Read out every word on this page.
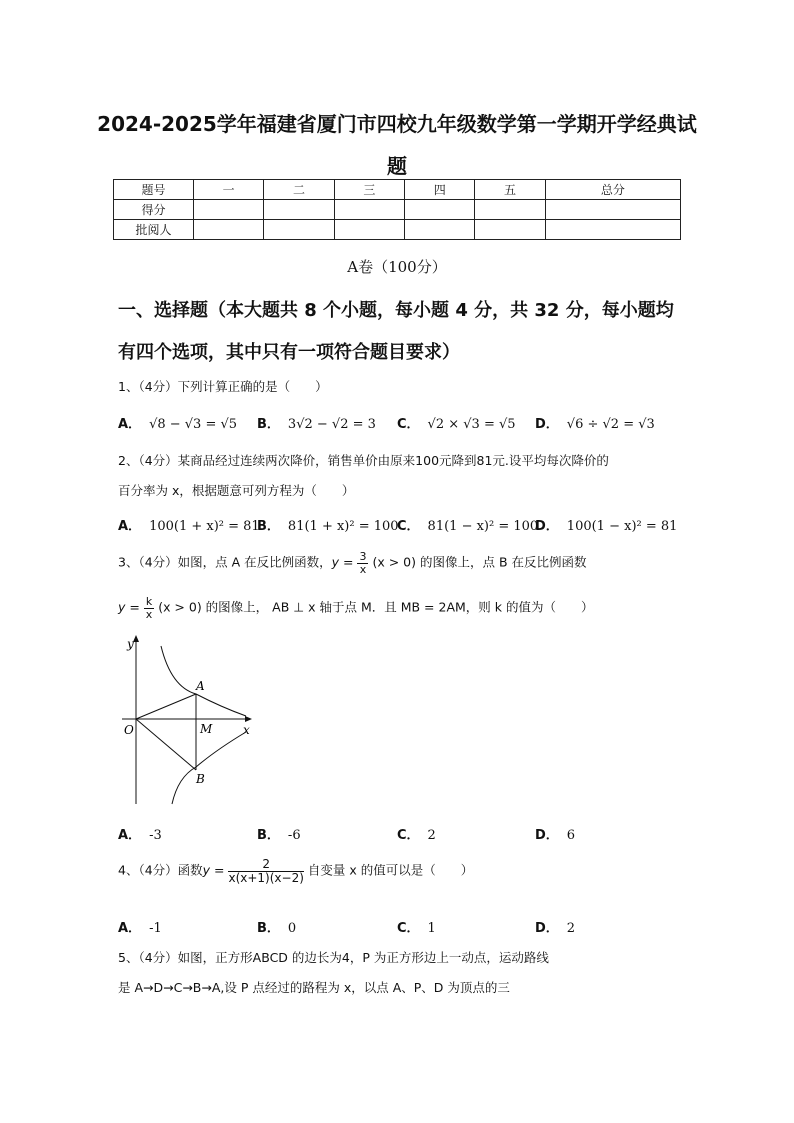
2024-2025学年福建省厦门市四校九年级数学第一学期开学经典试
题
题号	一	二	三	四	五	总分
得分						
批阅人						
A卷（100分）
一、选择题（本大题共 8 个小题，每小题 4 分，共 32 分，每小题均
有四个选项，其中只有一项符合题目要求）
1、（4分）下列计算正确的是（　　）
A． √8 − √3 = √5 B． 3√2 − √2 = 3 C． √2 × √3 = √5 D． √6 ÷ √2 = √3
2、（4分）某商品经过连续两次降价，销售单价由原来100元降到81元.设平均每次降价的
百分率为 x，根据题意可列方程为（　　）
A． 100(1 + x)² = 81
B． 81(1 + x)² = 100
C． 81(1 − x)² = 100
D． 100(1 − x)² = 81
3、（4分）如图，点 A 在反比例函数，$y = \frac{3}{x} (x > 0)$ 的图像上，点 B 在反比例函数
$y = \frac{k}{x} (x > 0)$ 的图像上， AB ⊥ x 轴于点 M．且 MB = 2AM，则 k 的值为（　　）
y
x
O
A
M
B
A． -3	B． -6	C． 2	D． 6
4、（4分）函数$y = \frac{2}{x(x+1)(x-2)}$ 自变量 x 的值可以是（　　）
A． -1	B． 0	C． 1	D． 2
5、（4分）如图，正方形ABCD 的边长为4，P 为正方形边上一动点，运动路线
是 A→D→C→B→A,设 P 点经过的路程为 x，以点 A、P、D 为顶点的三
